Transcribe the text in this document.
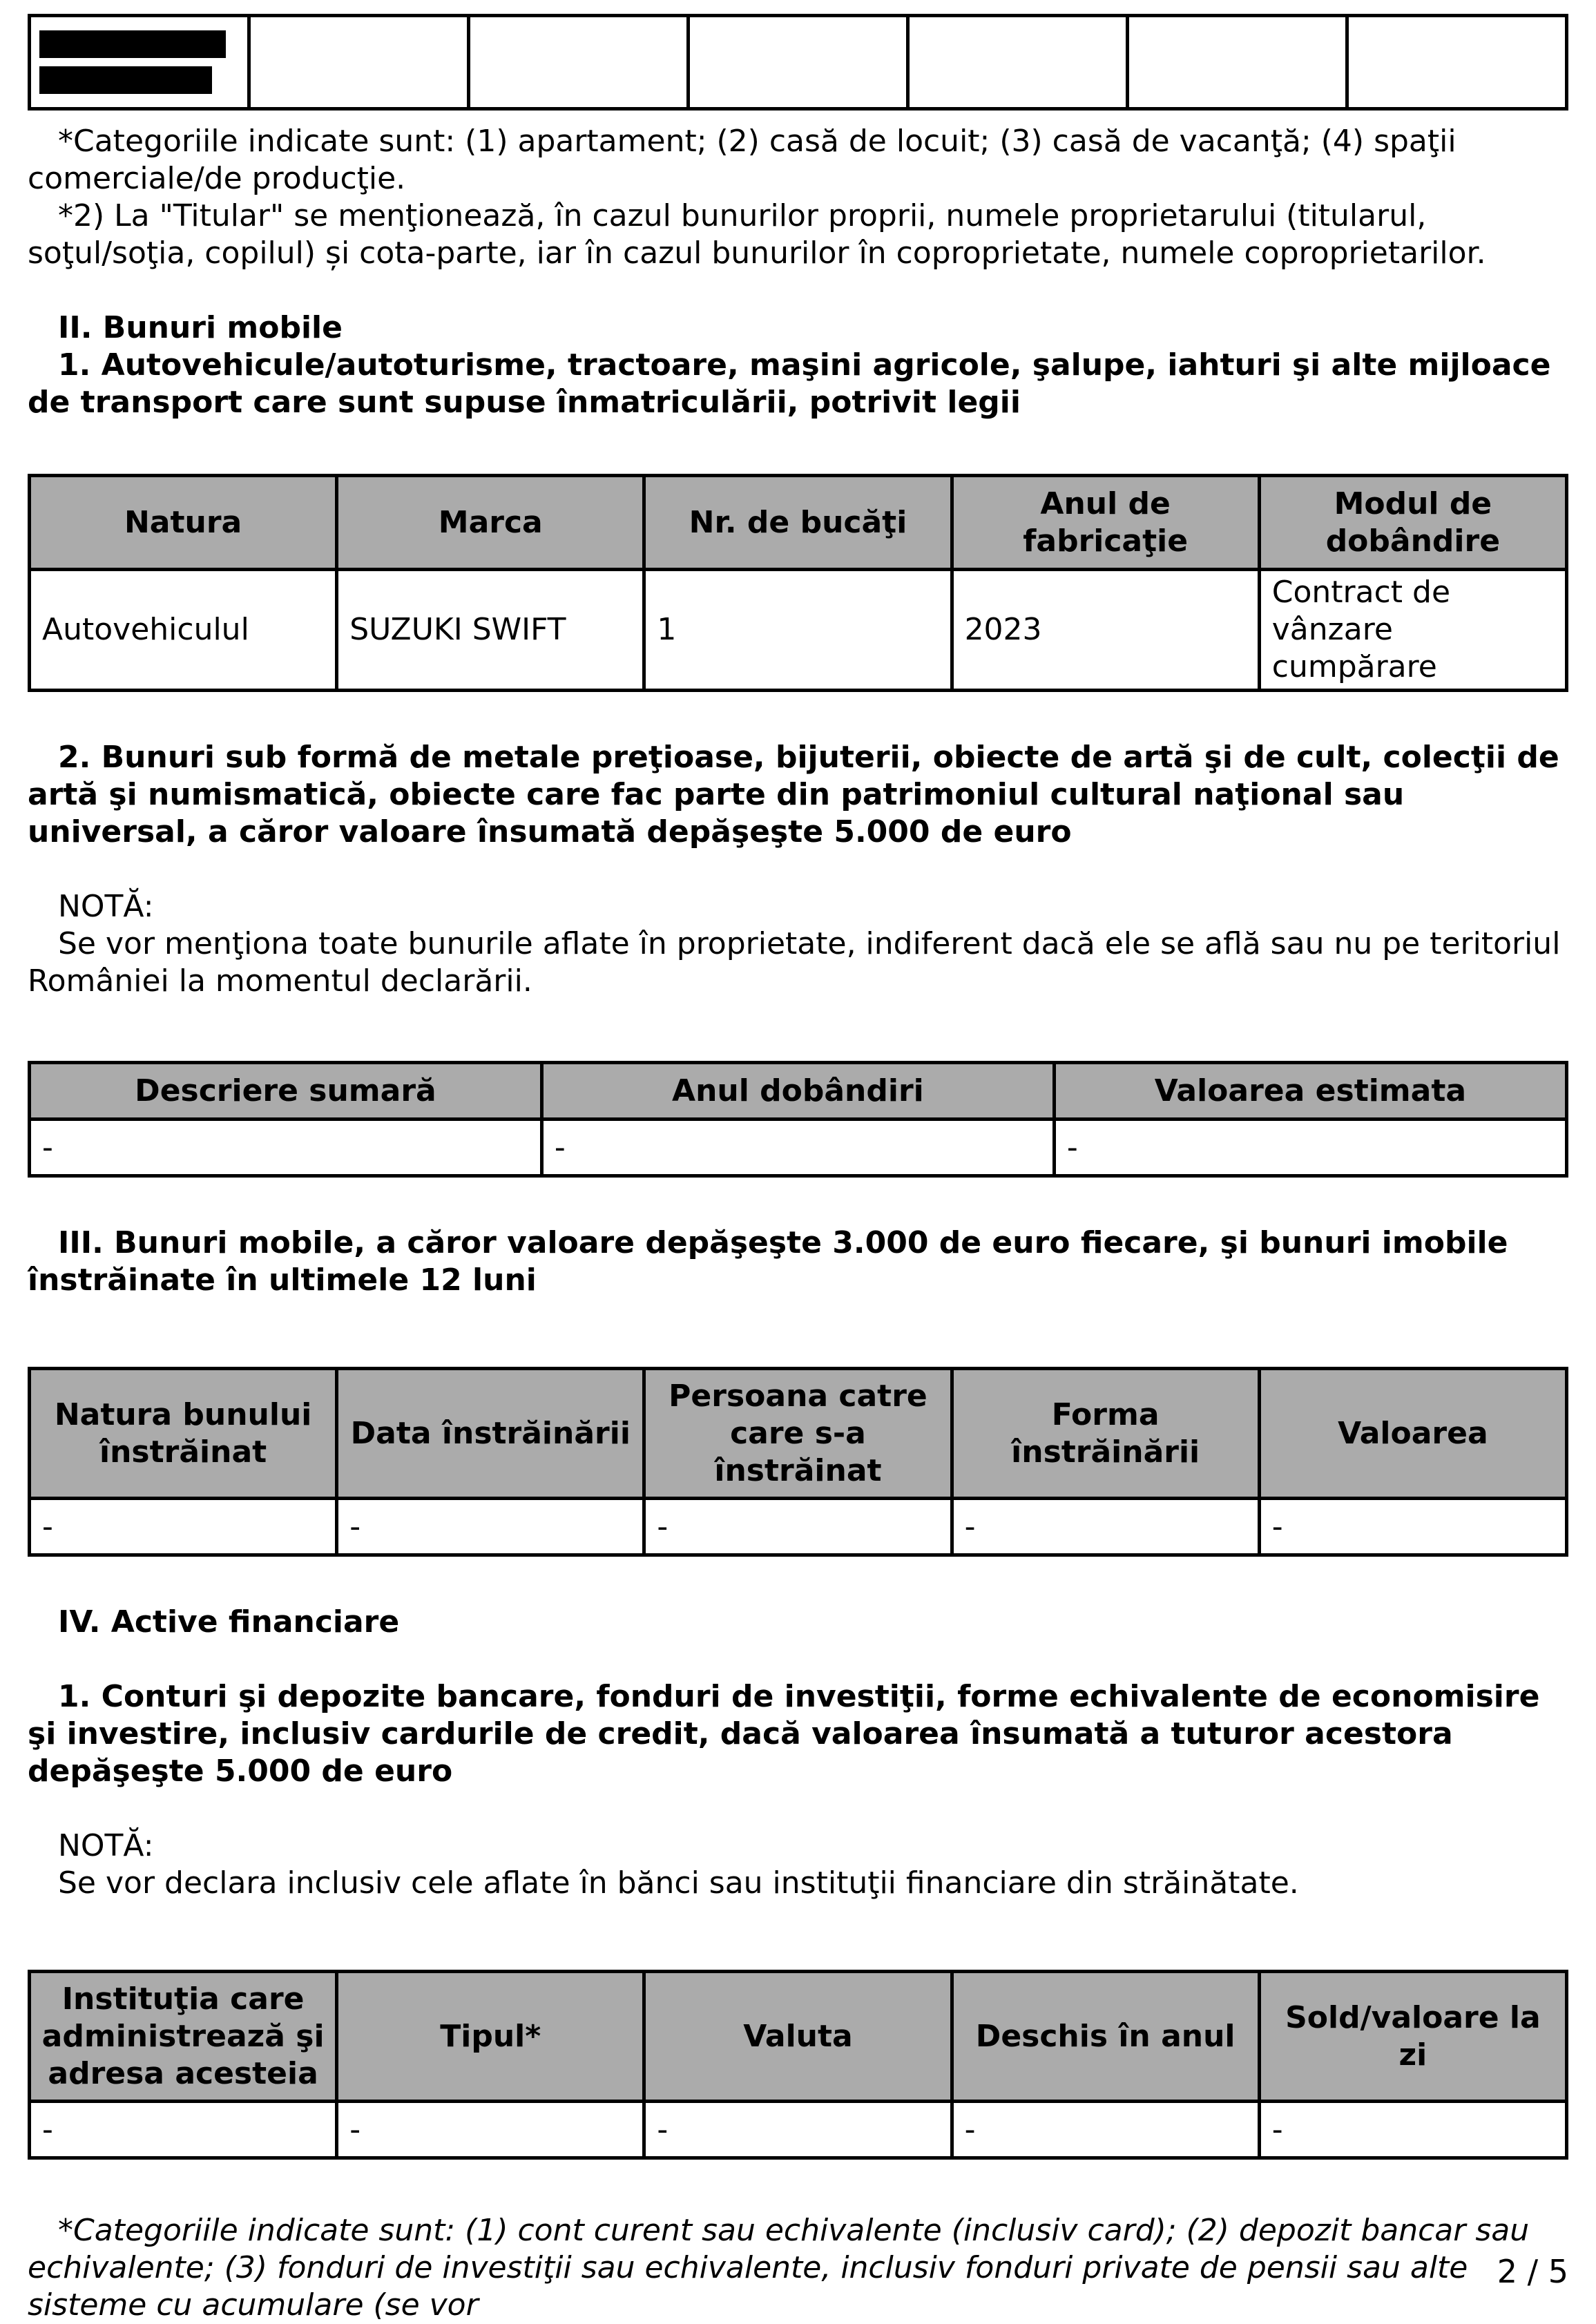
*Categoriile indicate sunt: (1) apartament; (2) casă de locuit; (3) casă de vacanţă; (4) spaţii comerciale/de producţie.

*2) La "Titular" se menţionează, în cazul bunurilor proprii, numele proprietarului (titularul, soţul/soţia, copilul) și cota-parte, iar în cazul bunurilor în coproprietate, numele coproprietarilor.

II. Bunuri mobile

1. Autovehicule/autoturisme, tractoare, maşini agricole, şalupe, iahturi şi alte mijloace de transport care sunt supuse înmatriculării, potrivit legii

Natura	Marca	Nr. de bucăţi	Anul de fabricaţie	Modul de dobândire
Autovehiculul	SUZUKI SWIFT	1	2023	Contract de vânzare cumpărare

2. Bunuri sub formă de metale preţioase, bijuterii, obiecte de artă şi de cult, colecţii de artă şi numismatică, obiecte care fac parte din patrimoniul cultural naţional sau universal, a căror valoare însumată depăşeşte 5.000 de euro

NOTĂ:

Se vor menţiona toate bunurile aflate în proprietate, indiferent dacă ele se află sau nu pe teritoriul României la momentul declarării.

Descriere sumară	Anul dobândiri	Valoarea estimata
-	-	-

III. Bunuri mobile, a căror valoare depăşeşte 3.000 de euro fiecare, şi bunuri imobile înstrăinate în ultimele 12 luni

Natura bunului înstrăinat	Data înstrăinării	Persoana catre care s-a înstrăinat	Forma înstrăinării	Valoarea
-	-	-	-	-

IV. Active financiare

1. Conturi şi depozite bancare, fonduri de investiţii, forme echivalente de economisire şi investire, inclusiv cardurile de credit, dacă valoarea însumată a tuturor acestora depăşeşte 5.000 de euro

NOTĂ:

Se vor declara inclusiv cele aflate în bănci sau instituţii financiare din străinătate.

Instituţia care administrează şi adresa acesteia	Tipul*	Valuta	Deschis în anul	Sold/valoare la zi
-	-	-	-	-

*Categoriile indicate sunt: (1) cont curent sau echivalente (inclusiv card); (2) depozit bancar sau echivalente; (3) fonduri de investiţii sau echivalente, inclusiv fonduri private de pensii sau alte sisteme cu acumulare (se vor

2 / 5
